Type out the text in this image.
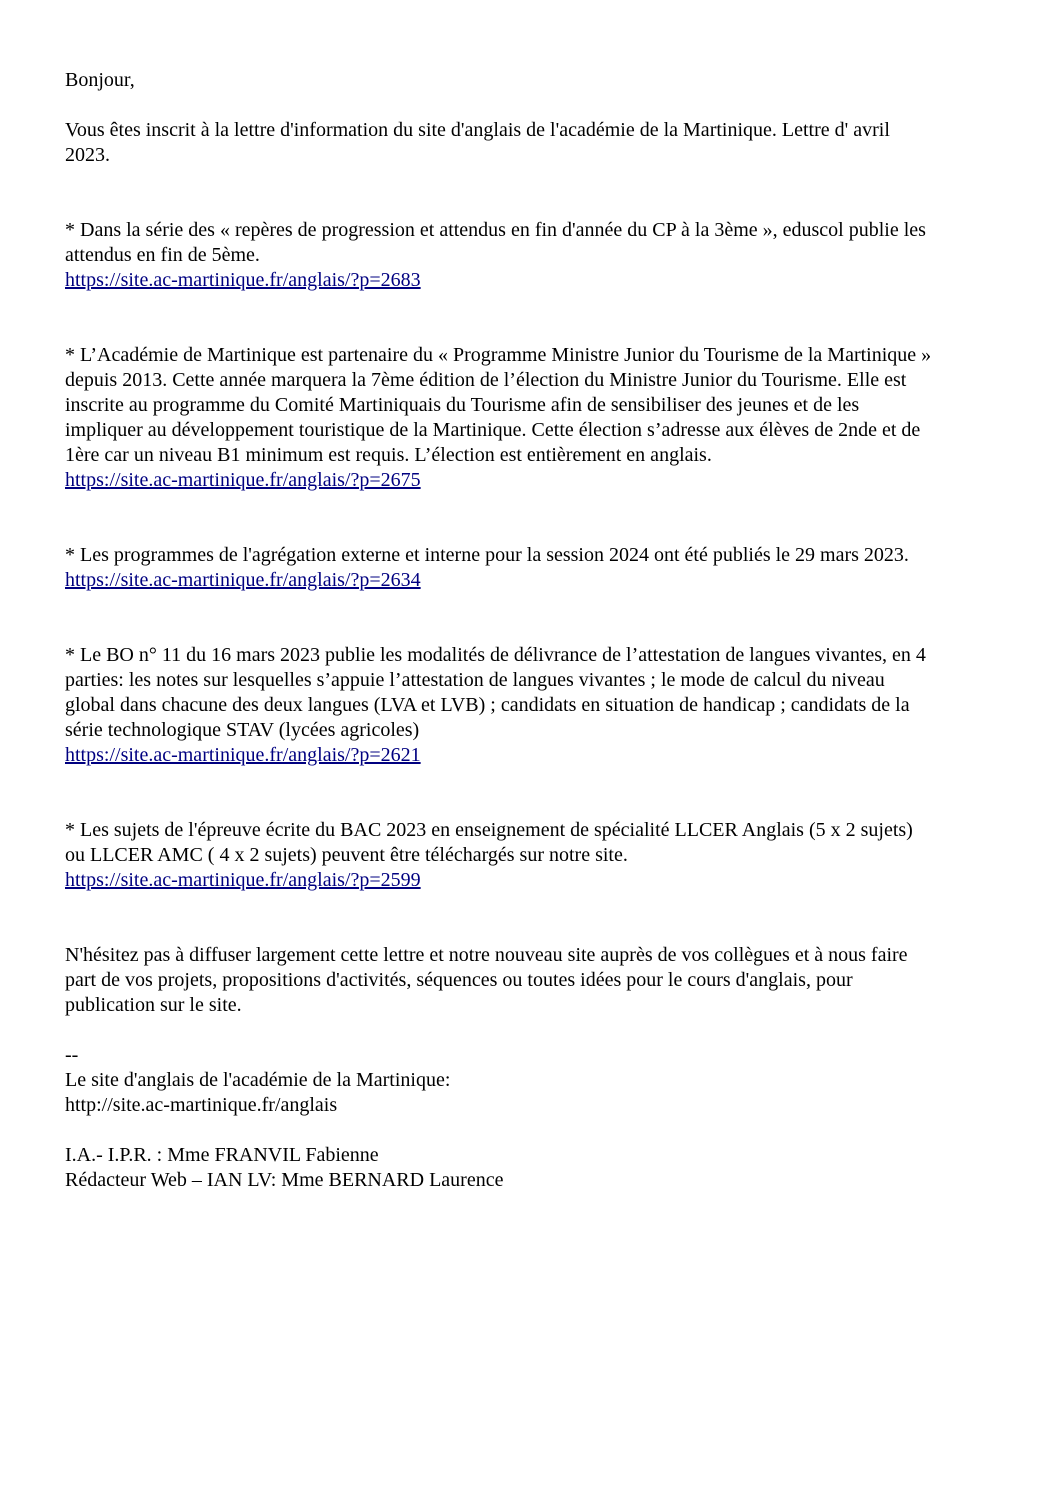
Bonjour,
Vous êtes inscrit à la lettre d'information du site d'anglais de l'académie de la Martinique. Lettre d' avril
2023.
* Dans la série des « repères de progression et attendus en fin d'année du CP à la 3ème », eduscol publie les
attendus en fin de 5ème.
https://site.ac-martinique.fr/anglais/?p=2683
* L’Académie de Martinique est partenaire du « Programme Ministre Junior du Tourisme de la Martinique »
depuis 2013. Cette année marquera la 7ème édition de l’élection du Ministre Junior du Tourisme. Elle est
inscrite au programme du Comité Martiniquais du Tourisme afin de sensibiliser des jeunes et de les
impliquer au développement touristique de la Martinique. Cette élection s’adresse aux élèves de 2nde et de
1ère car un niveau B1 minimum est requis. L’élection est entièrement en anglais.
https://site.ac-martinique.fr/anglais/?p=2675
* Les programmes de l'agrégation externe et interne pour la session 2024 ont été publiés le 29 mars 2023.
https://site.ac-martinique.fr/anglais/?p=2634
* Le BO n° 11 du 16 mars 2023 publie les modalités de délivrance de l’attestation de langues vivantes, en 4
parties: les notes sur lesquelles s’appuie l’attestation de langues vivantes ; le mode de calcul du niveau
global dans chacune des deux langues (LVA et LVB) ; candidats en situation de handicap ; candidats de la
série technologique STAV (lycées agricoles)
https://site.ac-martinique.fr/anglais/?p=2621
* Les sujets de l'épreuve écrite du BAC 2023 en enseignement de spécialité LLCER Anglais (5 x 2 sujets)
ou LLCER AMC ( 4 x 2 sujets) peuvent être téléchargés sur notre site.
https://site.ac-martinique.fr/anglais/?p=2599
N'hésitez pas à diffuser largement cette lettre et notre nouveau site auprès de vos collègues et à nous faire
part de vos projets, propositions d'activités, séquences ou toutes idées pour le cours d'anglais, pour
publication sur le site.
--
Le site d'anglais de l'académie de la Martinique:
http://site.ac-martinique.fr/anglais
I.A.- I.P.R. : Mme FRANVIL Fabienne
Rédacteur Web – IAN LV: Mme BERNARD Laurence
